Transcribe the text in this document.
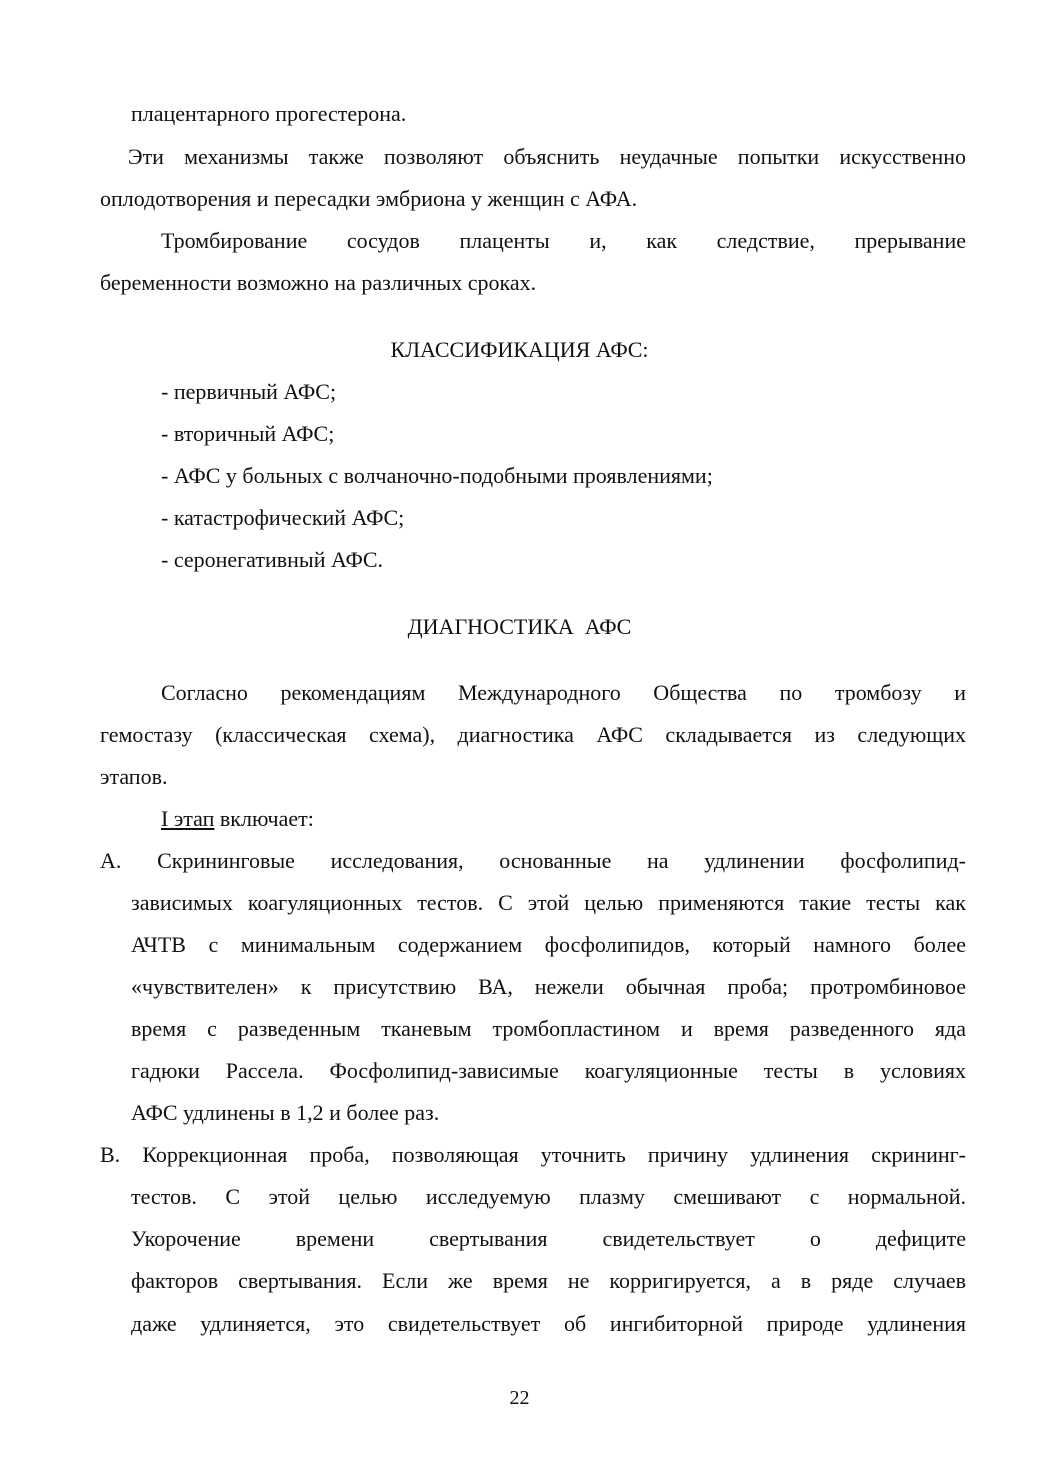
плацентарного прогестерона.
Эти механизмы также позволяют объяснить неудачные попытки искусственно
оплодотворения и пересадки эмбриона у женщин с АФА.
Тромбирование сосудов плаценты и, как следствие, прерывание
беременности возможно на различных сроках.
КЛАССИФИКАЦИЯ АФС:
- первичный АФС;
- вторичный АФС;
- АФС у больных с волчаночно-подобными проявлениями;
- катастрофический АФС;
- серонегативный АФС.
ДИАГНОСТИКА  АФС
Согласно рекомендациям Международного Общества по тромбозу и
гемостазу (классическая схема), диагностика АФС складывается из следующих
этапов.
I этап включает:
A. Скрининговые исследования, основанные на удлинении фосфолипид-
зависимых коагуляционных тестов. С этой целью применяются такие тесты как
АЧТВ с минимальным содержанием фосфолипидов, который намного более
«чувствителен» к присутствию ВА, нежели обычная проба; протромбиновое
время с разведенным тканевым тромбопластином и время разведенного яда
гадюки Рассела. Фосфолипид-зависимые коагуляционные тесты в условиях
АФС удлинены в 1,2 и более раз.
B. Коррекционная проба, позволяющая уточнить причину удлинения скрининг-
тестов. С этой целью исследуемую плазму смешивают с нормальной.
Укорочение времени свертывания свидетельствует о дефиците
факторов свертывания. Если же время не корригируется, а в ряде случаев
даже удлиняется, это свидетельствует об ингибиторной природе удлинения
22
